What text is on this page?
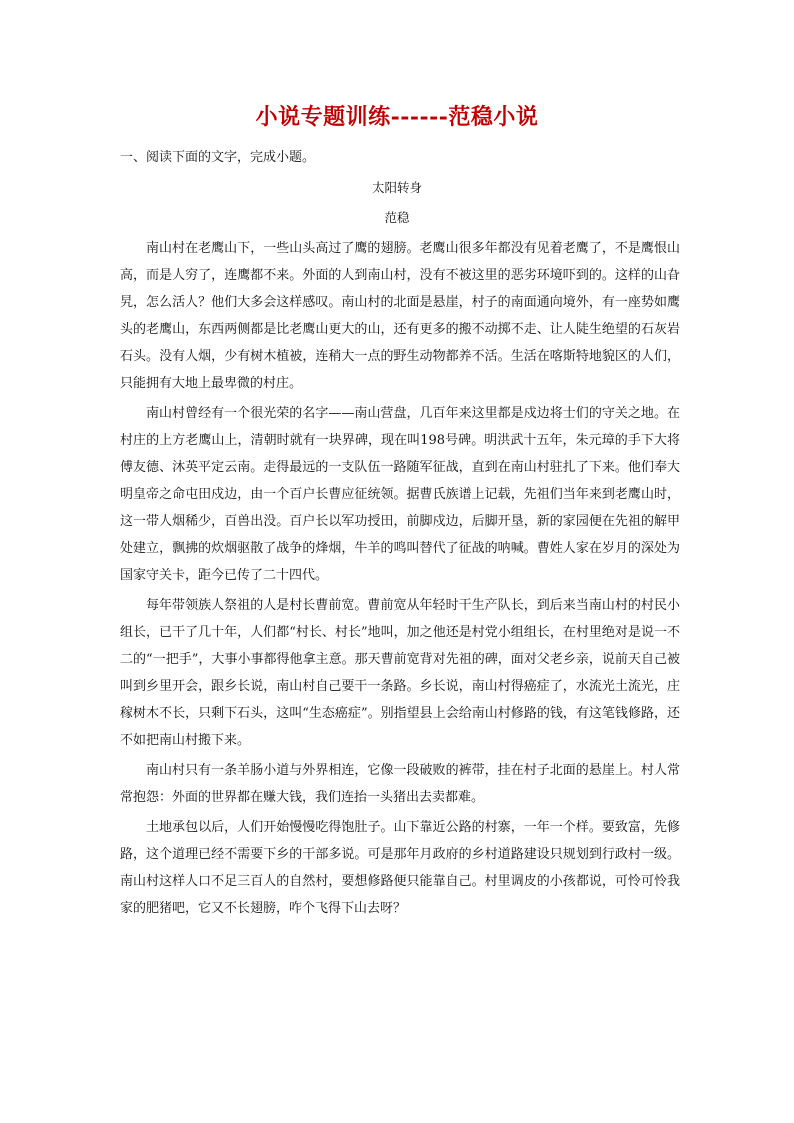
小说专题训练------范稳小说
一、阅读下面的文字，完成小题。
太阳转身
范稳

南山村在老鹰山下，一些山头高过了鹰的翅膀。老鹰山很多年都没有见着老鹰了，不是鹰恨山高，而是人穷了，连鹰都不来。外面的人到南山村，没有不被这里的恶劣环境吓到的。这样的山旮旯，怎么活人？他们大多会这样感叹。南山村的北面是悬崖，村子的南面通向境外，有一座势如鹰头的老鹰山，东西两侧都是比老鹰山更大的山，还有更多的搬不动掷不走、让人陡生绝望的石灰岩石头。没有人烟，少有树木植被，连稍大一点的野生动物都养不活。生活在喀斯特地貌区的人们，只能拥有大地上最卑微的村庄。

南山村曾经有一个很光荣的名字——南山营盘，几百年来这里都是戍边将士们的守关之地。在村庄的上方老鹰山上，清朝时就有一块界碑，现在叫198号碑。明洪武十五年，朱元璋的手下大将傅友德、沐英平定云南。走得最远的一支队伍一路随军征战，直到在南山村驻扎了下来。他们奉大明皇帝之命屯田戍边，由一个百户长曹应征统领。据曹氏族谱上记载，先祖们当年来到老鹰山时，这一带人烟稀少，百兽出没。百户长以军功授田，前脚戍边，后脚开垦，新的家园便在先祖的解甲处建立，飘拂的炊烟驱散了战争的烽烟，牛羊的鸣叫替代了征战的呐喊。曹姓人家在岁月的深处为国家守关卡，距今已传了二十四代。

每年带领族人祭祖的人是村长曹前宽。曹前宽从年轻时干生产队长，到后来当南山村的村民小组长，已干了几十年，人们都“村长、村长”地叫，加之他还是村党小组组长，在村里绝对是说一不二的“一把手”，大事小事都得他拿主意。那天曹前宽背对先祖的碑，面对父老乡亲，说前天自己被叫到乡里开会，跟乡长说，南山村自己要干一条路。乡长说，南山村得癌症了，水流光土流光，庄稼树木不长，只剩下石头，这叫“生态癌症”。别指望县上会给南山村修路的钱，有这笔钱修路，还不如把南山村搬下来。

南山村只有一条羊肠小道与外界相连，它像一段破败的裤带，挂在村子北面的悬崖上。村人常常抱怨：外面的世界都在赚大钱，我们连抬一头猪出去卖都难。

土地承包以后，人们开始慢慢吃得饱肚子。山下靠近公路的村寨，一年一个样。要致富，先修路，这个道理已经不需要下乡的干部多说。可是那年月政府的乡村道路建设只规划到行政村一级。南山村这样人口不足三百人的自然村，要想修路便只能靠自己。村里调皮的小孩都说，可怜可怜我家的肥猪吧，它又不长翅膀，咋个飞得下山去呀？
